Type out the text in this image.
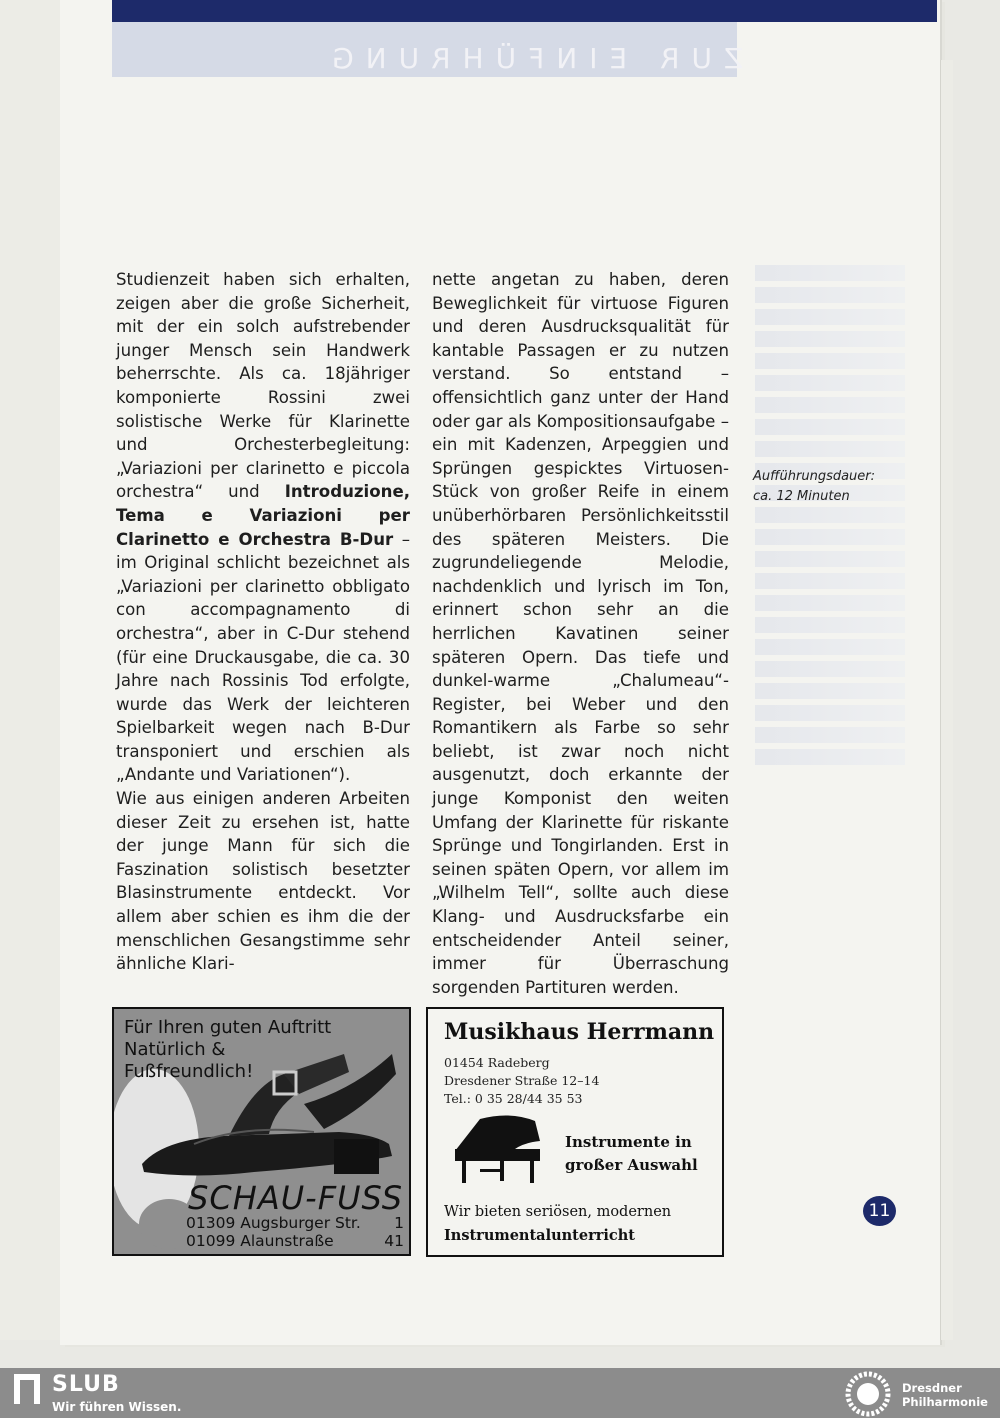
ZUR EINFÜHRUNG

Studienzeit haben sich erhalten, zeigen aber die große Sicherheit, mit der ein solch aufstrebender junger Mensch sein Handwerk beherrschte. Als ca. 18jähriger komponierte Rossini zwei solistische Werke für Klarinette und Orchesterbegleitung: „Variazioni per clarinetto e piccola orchestra“ und Introduzione, Tema e Variazioni per Clarinetto e Orchestra B-Dur – im Original schlicht bezeichnet als „Variazioni per clarinetto obbligato con accompagnamento di orchestra“, aber in C-Dur stehend (für eine Druckausgabe, die ca. 30 Jahre nach Rossinis Tod erfolgte, wurde das Werk der leichteren Spielbarkeit wegen nach B-Dur transponiert und erschien als „Andante und Variationen“).

Wie aus einigen anderen Arbeiten dieser Zeit zu ersehen ist, hatte der junge Mann für sich die Faszination solistisch besetzter Blasinstrumente entdeckt. Vor allem aber schien es ihm die der menschlichen Gesangstimme sehr ähnliche Klari-

nette angetan zu haben, deren Beweglichkeit für virtuose Figuren und deren Ausdrucksqualität für kantable Passagen er zu nutzen verstand. So entstand – offensichtlich ganz unter der Hand oder gar als Kompositionsaufgabe – ein mit Kadenzen, Arpeggien und Sprüngen gespicktes Virtuosen-Stück von großer Reife in einem unüberhörbaren Persönlichkeitsstil des späteren Meisters. Die zugrundeliegende Melodie, nachdenklich und lyrisch im Ton, erinnert schon sehr an die herrlichen Kavatinen seiner späteren Opern. Das tiefe und dunkel-warme „Chalumeau“-Register, bei Weber und den Romantikern als Farbe so sehr beliebt, ist zwar noch nicht ausgenutzt, doch erkannte der junge Komponist den weiten Umfang der Klarinette für riskante Sprünge und Tongirlanden. Erst in seinen späten Opern, vor allem im „Wilhelm Tell“, sollte auch diese Klang- und Ausdrucksfarbe ein entscheidender Anteil seiner, immer für Überraschung sorgenden Partituren werden.

Aufführungsdauer:
ca. 12 Minuten
Für Ihren guten Auftritt
Natürlich &
Fußfreundlich!
SCHAU-FUSS
01309 Augsburger Str. 1
01099 Alaunstraße	41
Musikhaus Herrmann
01454 Radeberg
Dresdener Straße 12–14
Tel.: 0 35 28/44 35 53
Instrumente in
großer Auswahl
Wir bieten seriösen, modernen
Instrumentalunterricht
11
SLUB
Wir führen Wissen.
Dresdner
Philharmonie
